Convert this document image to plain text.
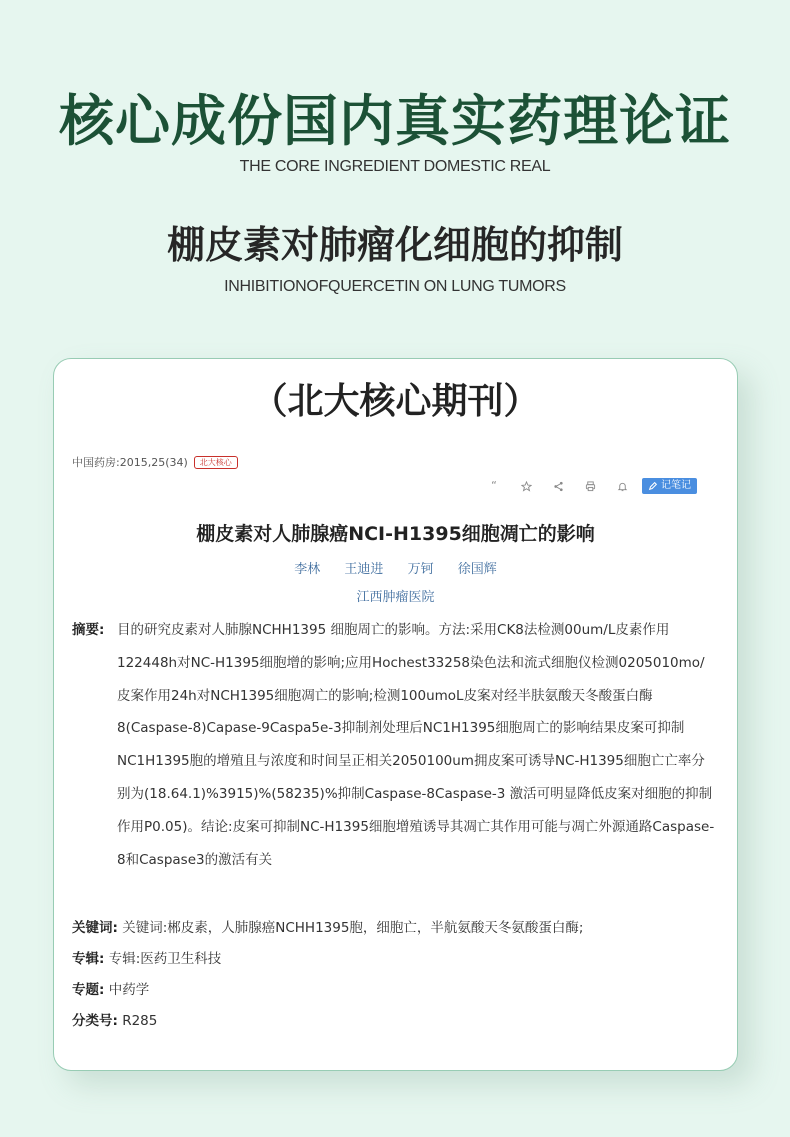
核心成份国内真实药理论证
THE CORE INGREDIENT DOMESTIC REAL
棚皮素对肺瘤化细胞的抑制
INHIBITIONOFQUERCETIN ON LUNG TUMORS
（北大核心期刊）
中国药房:2015,25(34)	北大核心
“	记笔记
棚皮素对人肺腺癌NCI-H1395细胞凋亡的影响
李林 王迪进 万钶 徐国辉
江西肿瘤医院
摘要: 目的研究皮素对人肺腺NCHH1395 细胞周亡的影响。方法:采用CK8法检测00um/L皮素作用122448h对NC-H1395细胞增的影响;应用Hochest33258染色法和流式细胞仪检测0205010mo/皮案作用24h对NCH1395细胞凋亡的影响;检测100umoL皮案对经半肤氨酸天冬酸蛋白酶8(Caspase-8)Capase-9Caspa5e-3抑制剂处理后NC1H1395细胞周亡的影响结果皮案可抑制NC1H1395胞的增殖且与浓度和时间呈正相关2050100um拥皮案可诱导NC-H1395细胞亡亡率分别为(18.64.1)%3915)%(58235)%抑制Caspase-8Caspase-3 激活可明显降低皮案对细胞的抑制作用P0.05)。结论:皮案可抑制NC-H1395细胞增殖诱导其凋亡其作用可能与凋亡外源通路Caspase-8和Caspase3的激活有关
关键词: 关键词:郴皮素，人肺腺癌NCHH1395胞，细胞亡，半航氨酸天冬氨酸蛋白酶;
专辑: 专辑:医药卫生科技
专题: 中药学
分类号: R285
